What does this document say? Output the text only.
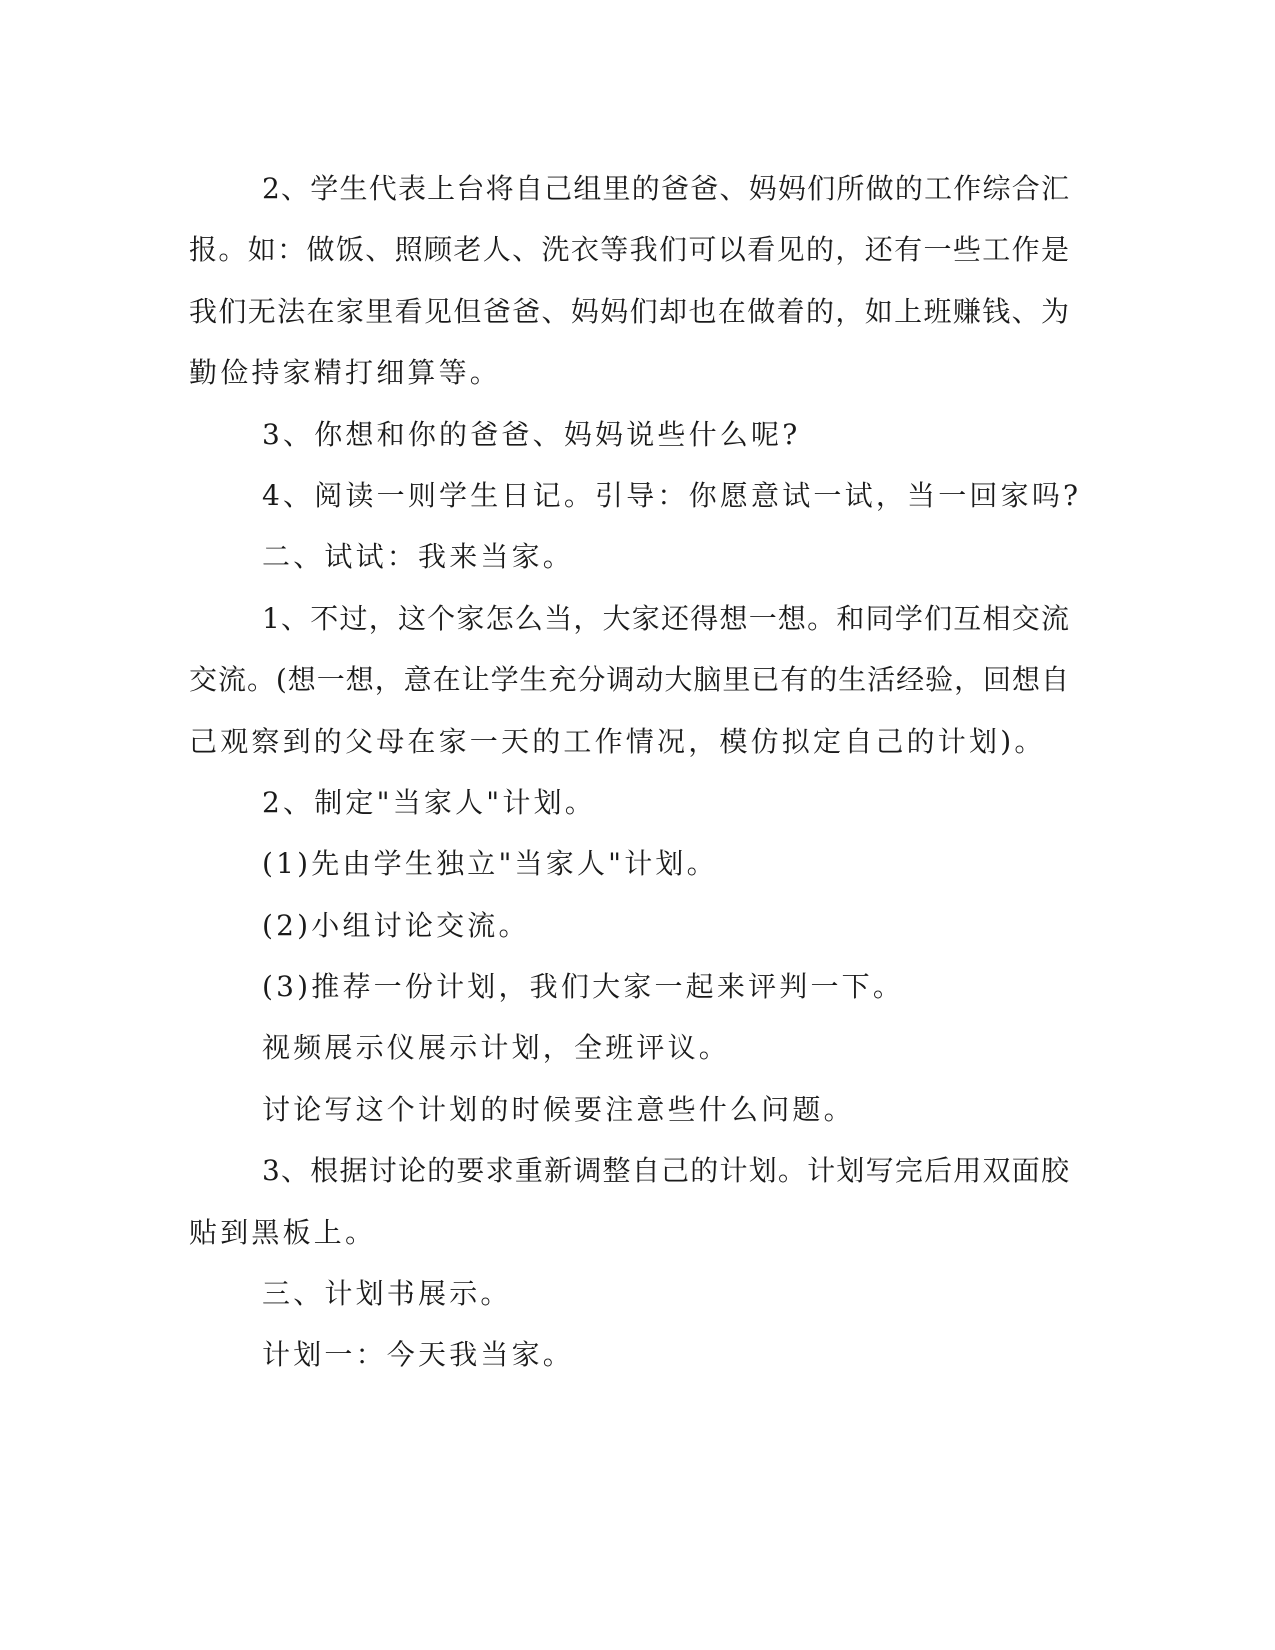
2、学生代表上台将自己组里的爸爸、妈妈们所做的工作综合汇
报。如：做饭、照顾老人、洗衣等我们可以看见的，还有一些工作是
我们无法在家里看见但爸爸、妈妈们却也在做着的，如上班赚钱、为
勤俭持家精打细算等。
3、你想和你的爸爸、妈妈说些什么呢?
4、阅读一则学生日记。引导：你愿意试一试，当一回家吗?
二、试试：我来当家。
1、不过，这个家怎么当，大家还得想一想。和同学们互相交流
交流。(想一想，意在让学生充分调动大脑里已有的生活经验，回想自
己观察到的父母在家一天的工作情况，模仿拟定自己的计划)。
2、制定"当家人"计划。
(1)先由学生独立"当家人"计划。
(2)小组讨论交流。
(3)推荐一份计划，我们大家一起来评判一下。
视频展示仪展示计划，全班评议。
讨论写这个计划的时候要注意些什么问题。
3、根据讨论的要求重新调整自己的计划。计划写完后用双面胶
贴到黑板上。
三、计划书展示。
计划一：今天我当家。
